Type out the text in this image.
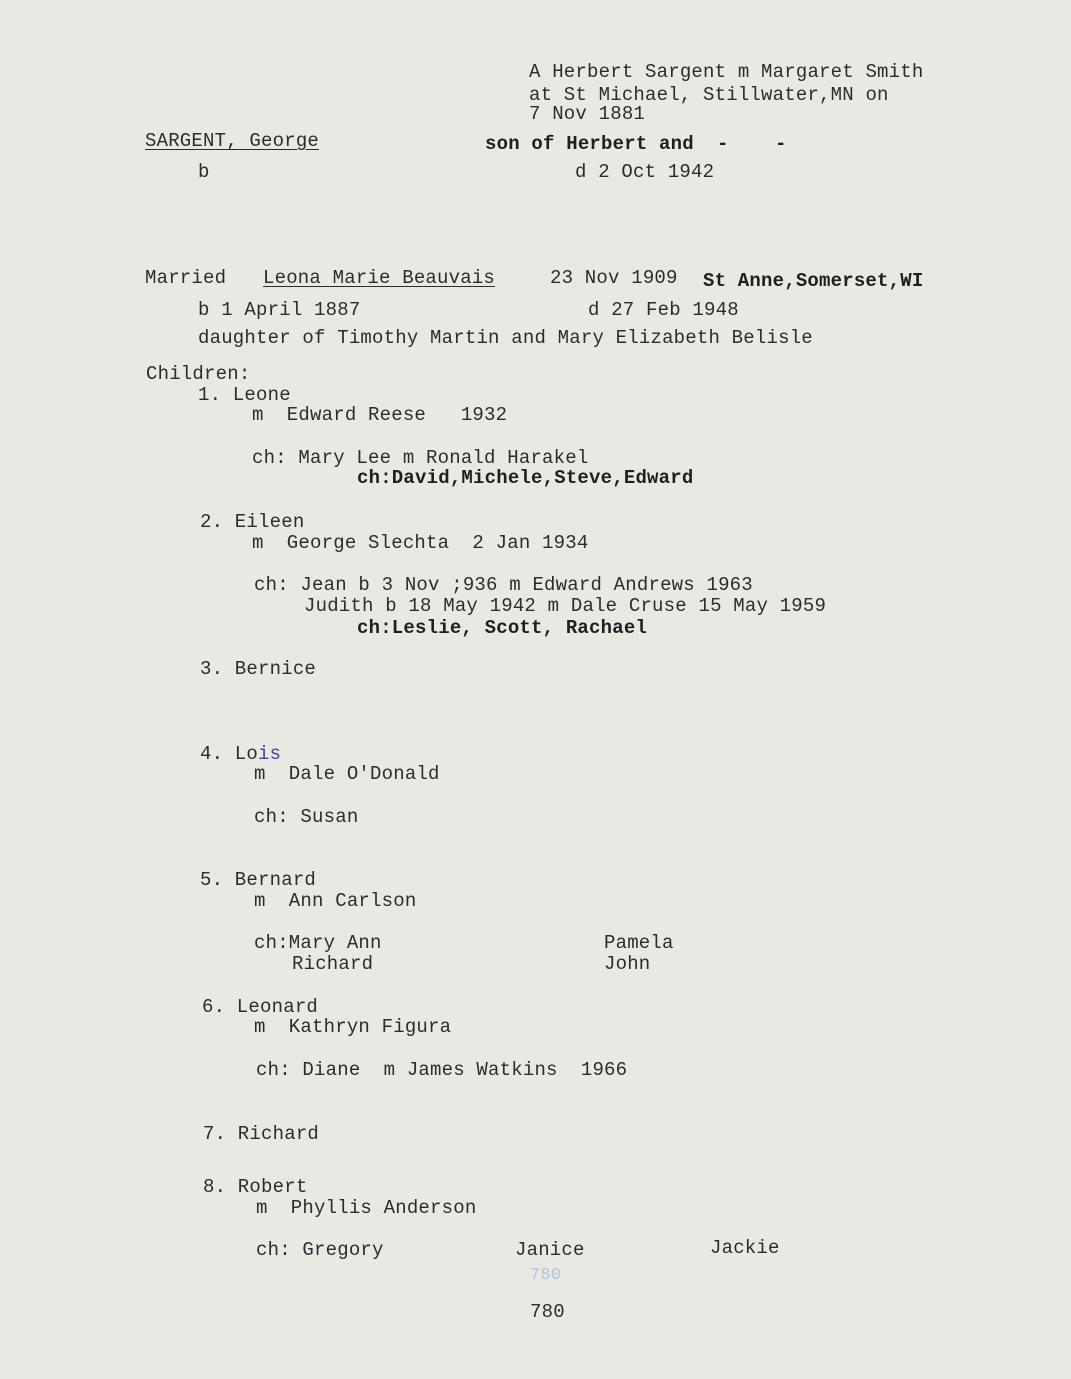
A Herbert Sargent m Margaret Smith
at St Michael, Stillwater,MN on
7 Nov 1881
SARGENT, George	son of Herbert and  -    -
b	d 2 Oct 1942
Married Leona Marie Beauvais	23 Nov 1909 St Anne,Somerset,WI
b 1 April 1887	d 27 Feb 1948
daughter of Timothy Martin and Mary Elizabeth Belisle
Children:
1. Leone
m  Edward Reese   1932
ch: Mary Lee m Ronald Harakel
ch:David,Michele,Steve,Edward
2. Eileen
m  George Slechta  2 Jan 1934
ch: Jean b 3 Nov ;936 m Edward Andrews 1963
Judith b 18 May 1942 m Dale Cruse 15 May 1959
ch:Leslie, Scott, Rachael
3. Bernice
4. Lois
m  Dale O'Donald
ch: Susan
5. Bernard
m  Ann Carlson
ch:Mary Ann	Pamela
Richard	John
6. Leonard
m  Kathryn Figura
ch: Diane  m James Watkins  1966
7. Richard
8. Robert
m  Phyllis Anderson
ch: Gregory	Janice	Jackie
780
780
